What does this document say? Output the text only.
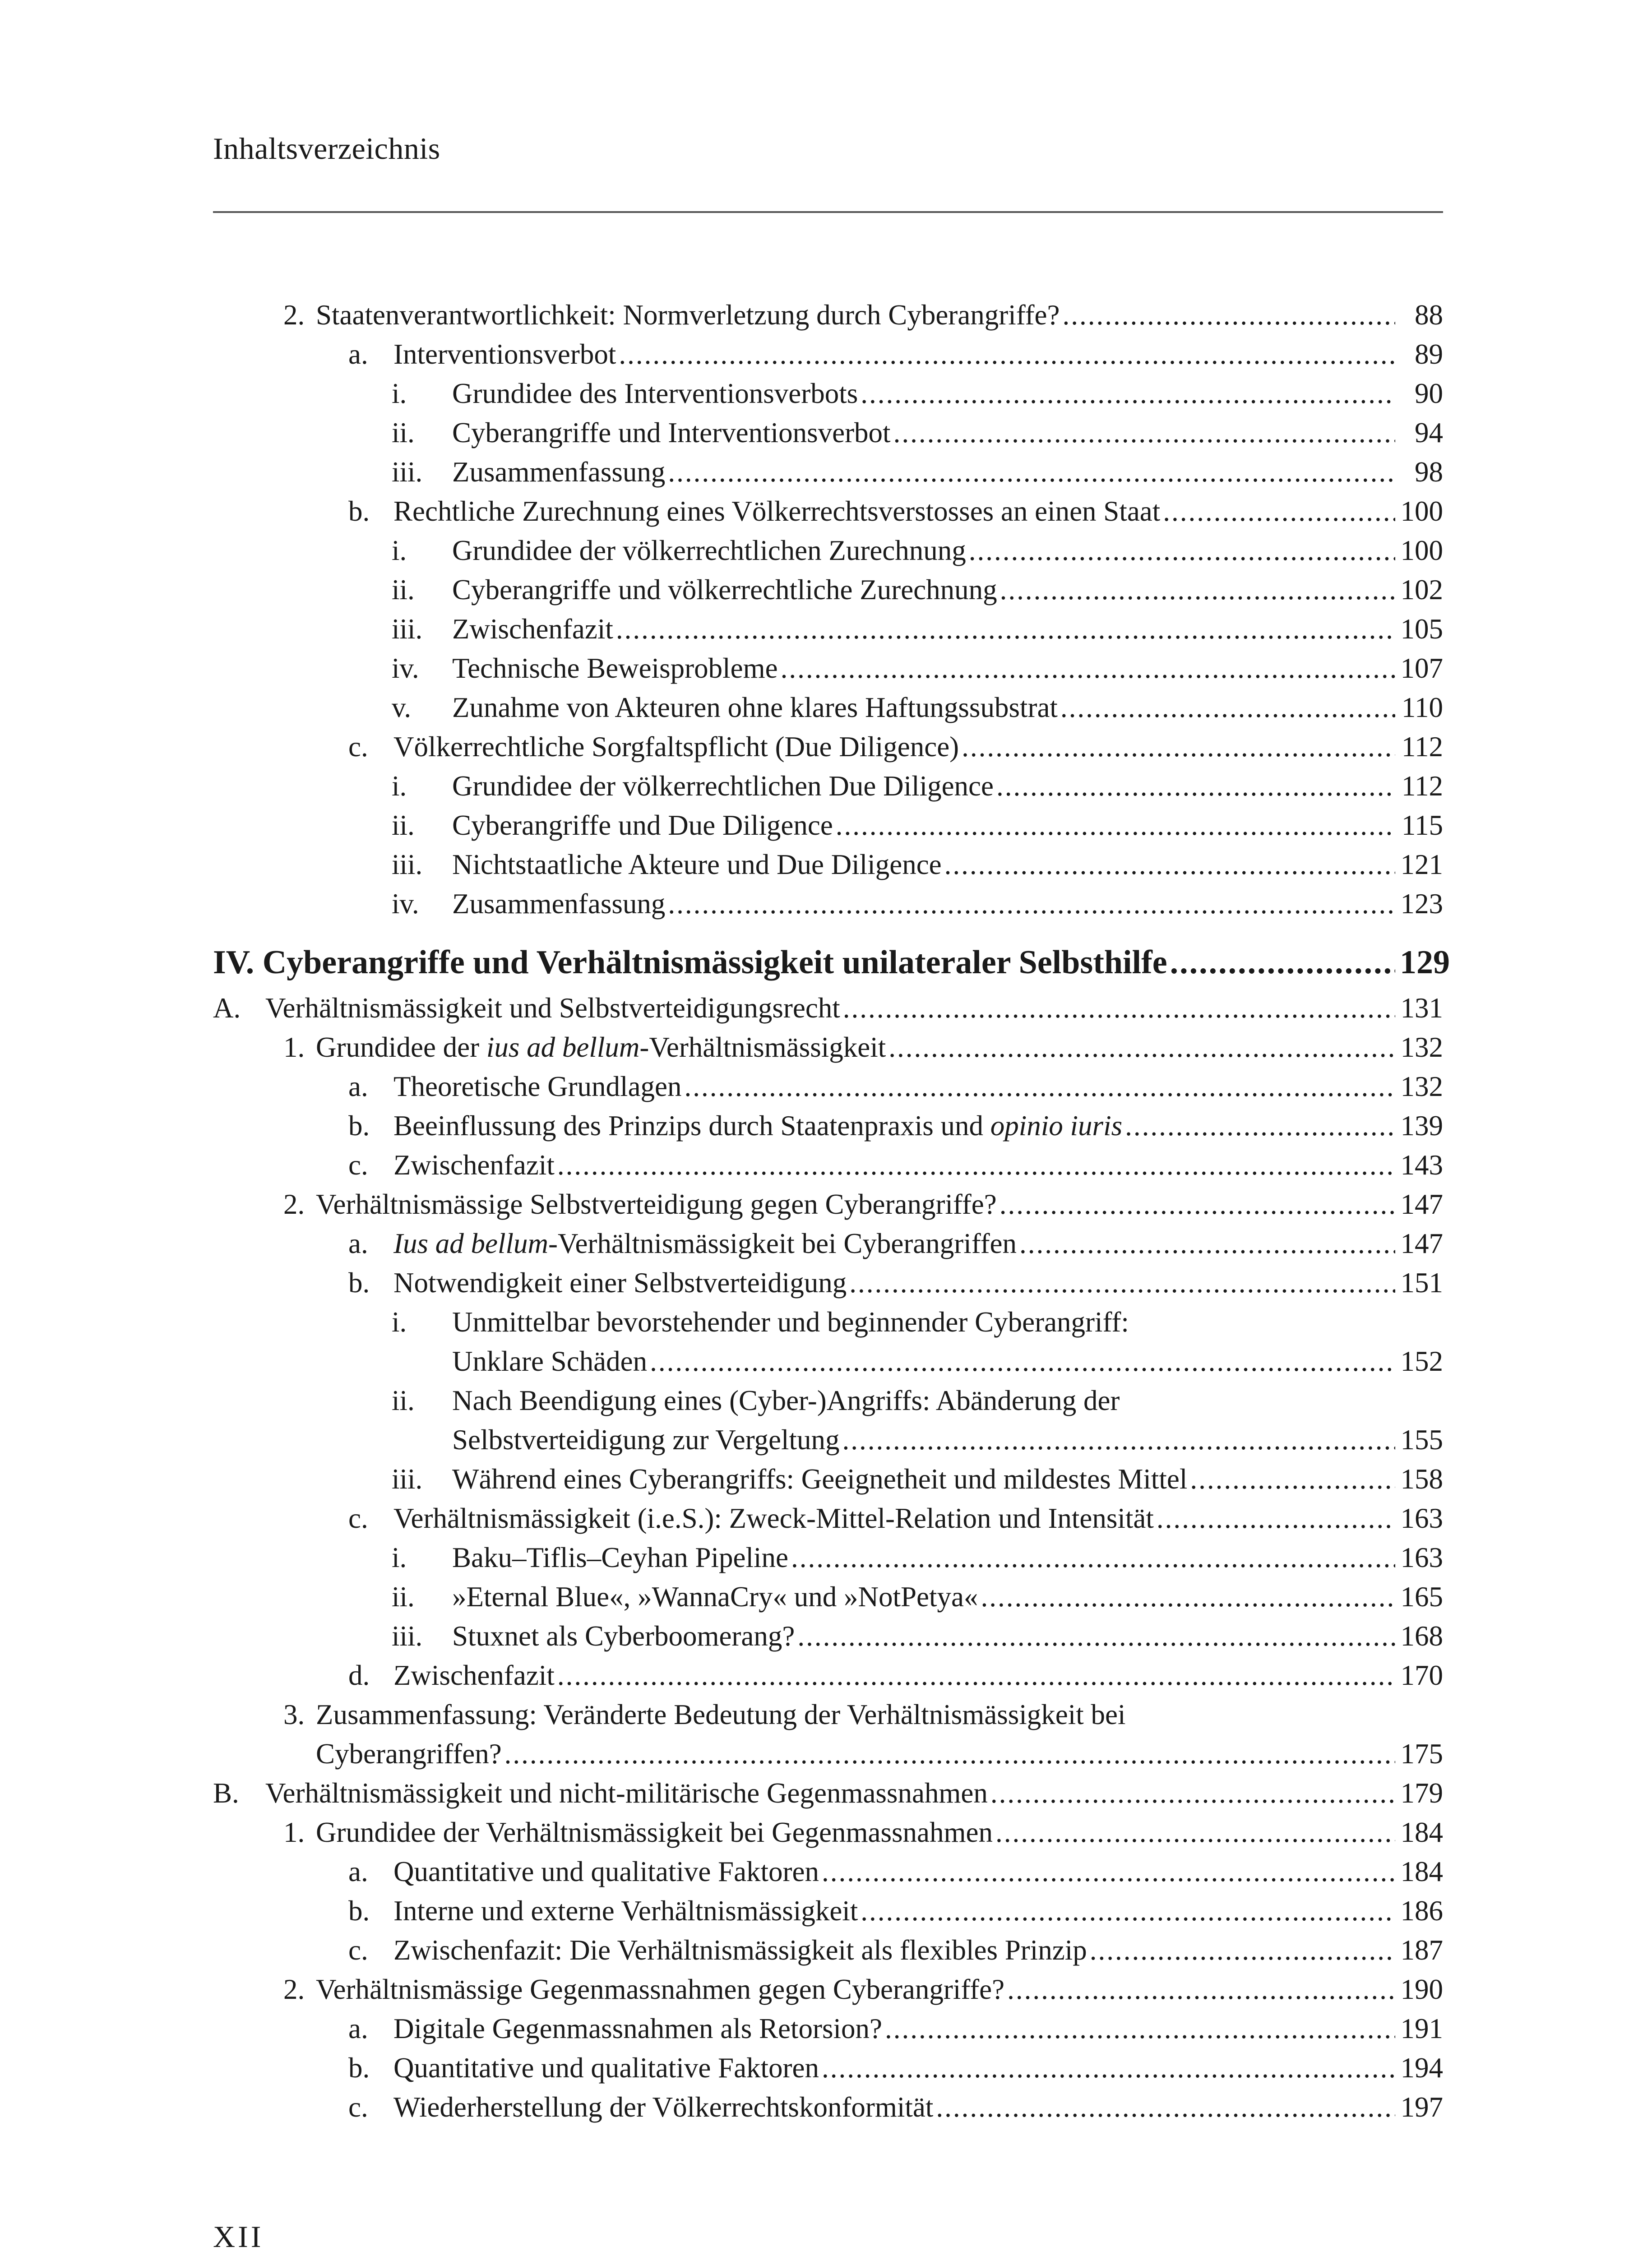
Inhaltsverzeichnis
2. Staatenverantwortlichkeit: Normverletzung durch Cyberangriffe? .....	88
a. Interventionsverbot .....	89
i. Grundidee des Interventionsverbots .....	90
ii. Cyberangriffe und Interventionsverbot .....	94
iii. Zusammenfassung .....	98
b. Rechtliche Zurechnung eines Völkerrechtsverstosses an einen Staat .....	100
i. Grundidee der völkerrechtlichen Zurechnung .....	100
ii. Cyberangriffe und völkerrechtliche Zurechnung .....	102
iii. Zwischenfazit .....	105
iv. Technische Beweisprobleme .....	107
v. Zunahme von Akteuren ohne klares Haftungssubstrat .....	110
c. Völkerrechtliche Sorgfaltspflicht (Due Diligence) .....	112
i. Grundidee der völkerrechtlichen Due Diligence .....	112
ii. Cyberangriffe und Due Diligence .....	115
iii. Nichtstaatliche Akteure und Due Diligence .....	121
iv. Zusammenfassung .....	123
IV. Cyberangriffe und Verhältnismässigkeit unilateraler Selbsthilfe .....	129
A. Verhältnismässigkeit und Selbstverteidigungsrecht .....	131
1. Grundidee der ius ad bellum-Verhältnismässigkeit .....	132
a. Theoretische Grundlagen .....	132
b. Beeinflussung des Prinzips durch Staatenpraxis und opinio iuris .....	139
c. Zwischenfazit .....	143
2. Verhältnismässige Selbstverteidigung gegen Cyberangriffe? .....	147
a. Ius ad bellum-Verhältnismässigkeit bei Cyberangriffen .....	147
b. Notwendigkeit einer Selbstverteidigung .....	151
i. Unmittelbar bevorstehender und beginnender Cyberangriff:
Unklare Schäden .....	152
ii. Nach Beendigung eines (Cyber-)Angriffs: Abänderung der
Selbstverteidigung zur Vergeltung .....	155
iii. Während eines Cyberangriffs: Geeignetheit und mildestes Mittel .....	158
c. Verhältnismässigkeit (i.e.S.): Zweck-Mittel-Relation und Intensität .....	163
i. Baku–Tiflis–Ceyhan Pipeline .....	163
ii. »Eternal Blue«, »WannaCry« und »NotPetya« .....	165
iii. Stuxnet als Cyberboomerang? .....	168
d. Zwischenfazit .....	170
3. Zusammenfassung: Veränderte Bedeutung der Verhältnismässigkeit bei
Cyberangriffen? .....	175
B. Verhältnismässigkeit und nicht-militärische Gegenmassnahmen .....	179
1. Grundidee der Verhältnismässigkeit bei Gegenmassnahmen .....	184
a. Quantitative und qualitative Faktoren .....	184
b. Interne und externe Verhältnismässigkeit .....	186
c. Zwischenfazit: Die Verhältnismässigkeit als flexibles Prinzip .....	187
2. Verhältnismässige Gegenmassnahmen gegen Cyberangriffe? .....	190
a. Digitale Gegenmassnahmen als Retorsion? .....	191
b. Quantitative und qualitative Faktoren .....	194
c. Wiederherstellung der Völkerrechtskonformität .....	197
XII
